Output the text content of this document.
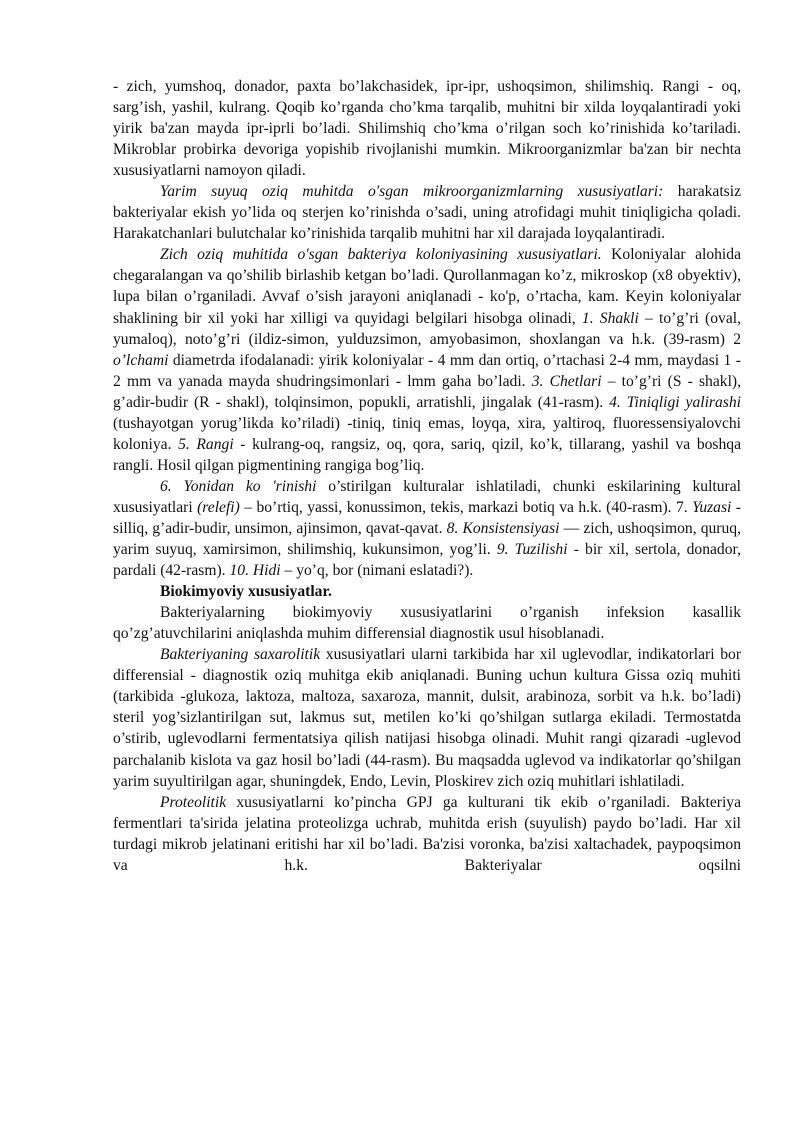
- zich, yumshoq, donador, paxta bo’lakchasidek, ipr-ipr, ushoqsimon, shilimshiq. Rangi - oq, sarg’ish, yashil, kulrang. Qoqib ko’rganda cho’kma tarqalib, muhitni bir xilda loyqalantiradi yoki yirik ba'zan mayda ipr-iprli bo’ladi. Shilimshiq cho’kma o’rilgan soch ko’rinishida ko’tariladi. Mikroblar probirka devoriga yopishib rivojlanishi mumkin. Mikroorganizmlar ba'zan bir nechta xususiyatlarni namoyon qiladi.

Yarim suyuq oziq muhitda o'sgan mikroorganizmlarning xususiyatlari: harakatsiz bakteriyalar ekish yo’lida oq sterjen ko’rinishda o’sadi, uning atrofidagi muhit tiniqligicha qoladi. Harakatchanlari bulutchalar ko’rinishida tarqalib muhitni har xil darajada loyqalantiradi.

Zich oziq muhitida o'sgan bakteriya koloniyasining xususiyatlari. Koloniyalar alohida chegaralangan va qo’shilib birlashib ketgan bo’ladi. Qurollanmagan ko’z, mikroskop (x8 obyektiv), lupa bilan o’rganiladi. Avvaf o’sish jarayoni aniqlanadi - ko'p, o’rtacha, kam. Keyin koloniyalar shaklining bir xil yoki har xilligi va quyidagi belgilari hisobga olinadi, 1. Shakli – to’g’ri (oval, yumaloq), noto’g’ri (ildiz-simon, yulduzsimon, amyobasimon, shoxlangan va h.k. (39-rasm) 2 o’lchami diametrda ifodalanadi: yirik koloniyalar - 4 mm dan ortiq, o’rtachasi 2-4 mm, maydasi 1 - 2 mm va yanada mayda shudringsimonlari - lmm gaha bo’ladi. 3. Chetlari – to’g’ri (S - shakl), g’adir-budir (R - shakl), tolqinsimon, popukli, arratishli, jingalak (41-rasm). 4. Tiniqligi yalirashi (tushayotgan yorug’likda ko’riladi) -tiniq, tiniq emas, loyqa, xira, yaltiroq, fluoressensiyalovchi koloniya. 5. Rangi - kulrang-oq, rangsiz, oq, qora, sariq, qizil, ko’k, tillarang, yashil va boshqa rangli. Hosil qilgan pigmentining rangiga bog’liq.

6. Yonidan ko 'rinishi o’stirilgan kulturalar ishlatiladi, chunki eskilarining kultural xususiyatlari (relefi) – bo’rtiq, yassi, konussimon, tekis, markazi botiq va h.k. (40-rasm). 7. Yuzasi - silliq, g’adir-budir, unsimon, ajinsimon, qavat-qavat. 8. Konsistensiyasi — zich, ushoqsimon, quruq, yarim suyuq, xamirsimon, shilimshiq, kukunsimon, yog’li. 9. Tuzilishi - bir xil, sertola, donador, pardali (42-rasm). 10. Hidi – yo’q, bor (nimani eslatadi?).

Biokimyoviy xususiyatlar.

Bakteriyalarning biokimyoviy xususiyatlarini o’rganish infeksion kasallik qo’zg’atuvchilarini aniqlashda muhim differensial diagnostik usul hisoblanadi.

Bakteriyaning saxarolitik xususiyatlari ularni tarkibida har xil uglevodlar, indikatorlari bor differensial - diagnostik oziq muhitga ekib aniqlanadi. Buning uchun kultura Gissa oziq muhiti (tarkibida -glukoza, laktoza, maltoza, saxaroza, mannit, dulsit, arabinoza, sorbit va h.k. bo’ladi) steril yog’sizlantirilgan sut, lakmus sut, metilen ko’ki qo’shilgan sutlarga ekiladi. Termostatda o’stirib, uglevodlarni fermentatsiya qilish natijasi hisobga olinadi. Muhit rangi qizaradi -uglevod parchalanib kislota va gaz hosil bo’ladi (44-rasm). Bu maqsadda uglevod va indikatorlar qo’shilgan yarim suyultirilgan agar, shuningdek, Endo, Levin, Ploskirev zich oziq muhitlari ishlatiladi.

Proteolitik xususiyatlarni ko’pincha GPJ ga kulturani tik ekib o’rganiladi. Bakteriya fermentlari ta'sirida jelatina proteolizga uchrab, muhitda erish (suyulish) paydo bo’ladi. Har xil turdagi mikrob jelatinani eritishi har xil bo’ladi. Ba'zisi voronka, ba'zisi xaltachadek, paypoqsimon va h.k. Bakteriyalar oqsilni
